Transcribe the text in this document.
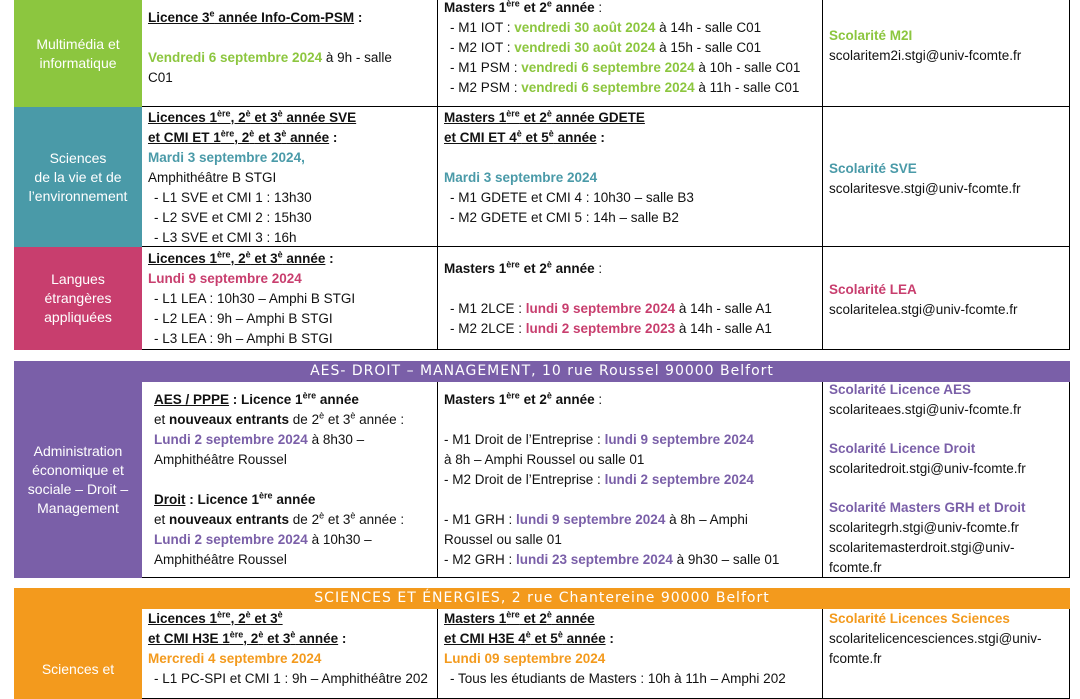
Multimédia et
informatique
Licence 3e année Info-Com-PSM :
Vendredi 6 septembre 2024 à 9h - salle
C01
Masters 1ère et 2e année :
- M1 IOT : vendredi 30 août 2024 à 14h - salle C01
- M2 IOT : vendredi 30 août 2024 à 15h - salle C01
- M1 PSM : vendredi 6 septembre 2024 à 10h - salle C01
- M2 PSM : vendredi 6 septembre 2024 à 11h - salle C01
Scolarité M2I
scolaritem2i.stgi@univ-fcomte.fr
Sciences
de la vie et de
l’environnement
Licences 1ère, $2^è$ et $3^è$ année SVE
et CMI ET 1ère, $2^è$ et $3^è$ année :
Mardi 3 septembre 2024,
Amphithéâtre B STGI
- L1 SVE et CMI 1 : 13h30
- L2 SVE et CMI 2 : 15h30
- L3 SVE et CMI 3 : 16h
Masters 1ère et $2^è$ année GDETE
et CMI ET $4^è$ et $5^è$ année :
Mardi 3 septembre 2024
- M1 GDETE et CMI 4 : 10h30 – salle B3
- M2 GDETE et CMI 5 : 14h – salle B2
Scolarité SVE
scolaritesve.stgi@univ-fcomte.fr
Langues
étrangères
appliquées
Licences 1ère, $2^è$ et $3^è$ année :
Lundi 9 septembre 2024
- L1 LEA : 10h30 – Amphi B STGI
- L2 LEA : 9h – Amphi B STGI
- L3 LEA : 9h – Amphi B STGI
Masters 1ère et $2^è$ année :
- M1 2LCE : lundi 9 septembre 2024 à 14h - salle A1
- M2 2LCE : lundi 2 septembre 2023 à 14h - salle A1
Scolarité LEA
scolaritelea.stgi@univ-fcomte.fr
AES- DROIT – MANAGEMENT, 10 rue Roussel 90000 Belfort
Administration
économique et
sociale – Droit –
Management
AES / PPPE : Licence 1ère année
et nouveaux entrants de $2^è$ et $3^è$ année :
Lundi 2 septembre 2024 à 8h30 –
Amphithéâtre Roussel
Droit : Licence 1ère année
et nouveaux entrants de $2^è$ et $3^è$ année :
Lundi 2 septembre 2024 à 10h30 –
Amphithéâtre Roussel
Masters 1ère et $2^è$ année :
- M1 Droit de l’Entreprise : lundi 9 septembre 2024
à 8h – Amphi Roussel ou salle 01
- M2 Droit de l’Entreprise : lundi 2 septembre 2024
- M1 GRH : lundi 9 septembre 2024 à 8h – Amphi
Roussel ou salle 01
- M2 GRH : lundi 23 septembre 2024 à 9h30 – salle 01
Scolarité Licence AES
scolariteaes.stgi@univ-fcomte.fr
Scolarité Licence Droit
scolaritedroit.stgi@univ-fcomte.fr
Scolarité Masters GRH et Droit
scolaritegrh.stgi@univ-fcomte.fr
scolaritemasterdroit.stgi@univ-
fcomte.fr
SCIENCES ET ÉNERGIES, 2 rue Chantereine 90000 Belfort
Sciences et
Licences 1ère, $2^è$ et $3^è$
et CMI H3E 1ère, $2^è$ et $3^è$ année :
Mercredi 4 septembre 2024
- L1 PC-SPI et CMI 1 : 9h – Amphithéâtre 202
Masters 1ère et $2^è$ année
et CMI H3E $4^è$ et $5^è$ année :
Lundi 09 septembre 2024
- Tous les étudiants de Masters : 10h à 11h – Amphi 202
Scolarité Licences Sciences
scolaritelicencesciences.stgi@univ-
fcomte.fr
